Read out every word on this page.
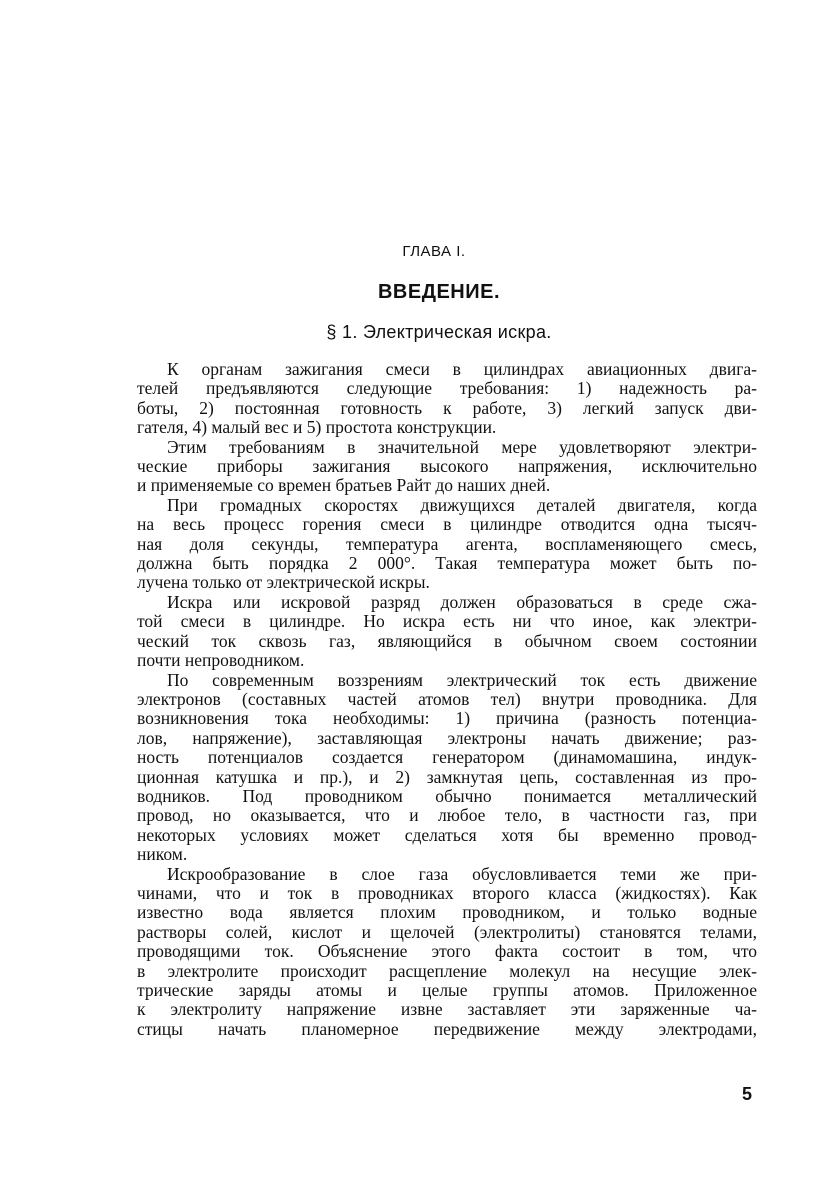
ГЛАВА I.
ВВЕДЕНИЕ.
§ 1. Электрическая искра.

К органам зажигания смеси в цилиндрах авиационных двига-
телей предъявляются следующие требования: 1) надежность ра-
боты, 2) постоянная готовность к работе, 3) легкий запуск дви-
гателя, 4) малый вес и 5) простота конструкции.

Этим требованиям в значительной мере удовлетворяют электри-
ческие приборы зажигания высокого напряжения, исключительно
и применяемые со времен братьев Райт до наших дней.

При громадных скоростях движущихся деталей двигателя, когда
на весь процесс горения смеси в цилиндре отводится одна тысяч-
ная доля секунды, температура агента, воспламеняющего смесь,
должна быть порядка 2 000°. Такая температура может быть по-
лучена только от электрической искры.

Искра или искровой разряд должен образоваться в среде сжа-
той смеси в цилиндре. Но искра есть ни что иное, как электри-
ческий ток сквозь газ, являющийся в обычном своем состоянии
почти непроводником.

По современным воззрениям электрический ток есть движение
электронов (составных частей атомов тел) внутри проводника. Для
возникновения тока необходимы: 1) причина (разность потенциа-
лов, напряжение), заставляющая электроны начать движение; раз-
ность потенциалов создается генератором (динамомашина, индук-
ционная катушка и пр.), и 2) замкнутая цепь, составленная из про-
водников. Под проводником обычно понимается металлический
провод, но оказывается, что и любое тело, в частности газ, при
некоторых условиях может сделаться хотя бы временно провод-
ником.

Искрообразование в слое газа обусловливается теми же при-
чинами, что и ток в проводниках второго класса (жидкостях). Как
известно вода является плохим проводником, и только водные
растворы солей, кислот и щелочей (электролиты) становятся телами,
проводящими ток. Объяснение этого факта состоит в том, что
в электролите происходит расщепление молекул на несущие элек-
трические заряды атомы и целые группы атомов. Приложенное
к электролиту напряжение извне заставляет эти заряженные ча-
стицы начать планомерное передвижение между электродами,

5
